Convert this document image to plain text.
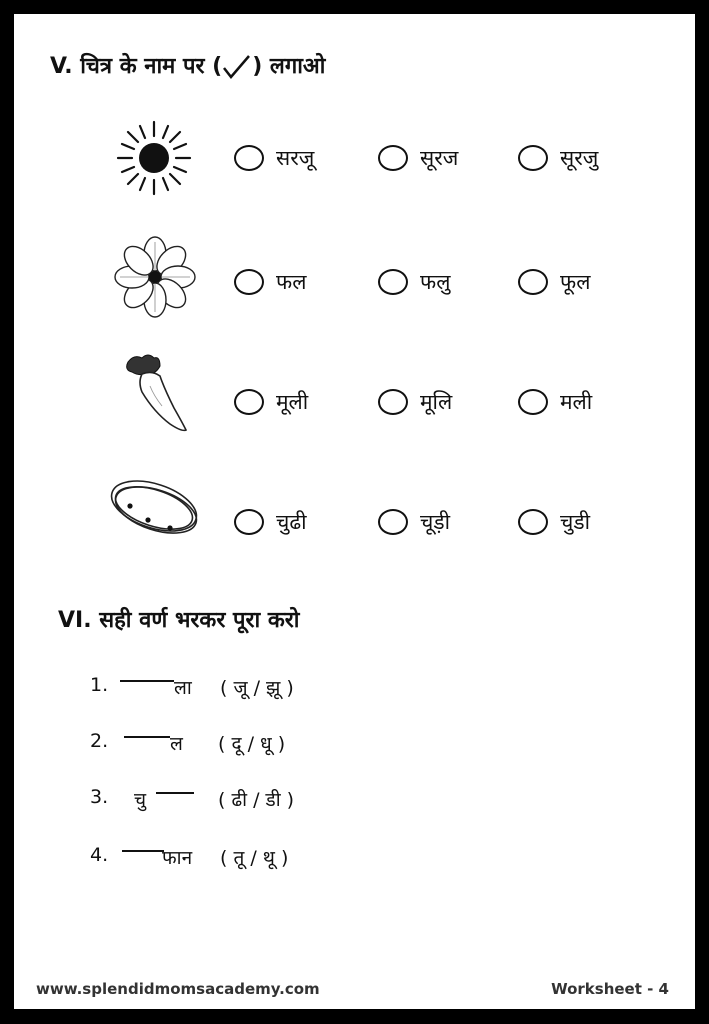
V. चित्र के नाम पर ( ) लगाओ
सरजू	सूरज	सूरजु
फल	फलु	फूल
मूली	मूलि	मली
चुढी	चूड़ी	चुडी
VI. सही वर्ण भरकर पूरा करो
1.	ला ( जू / झू )
2.	ल ( दू / धू )
3. चु	( ढी / डी )
4.	फान ( तू / थू )
www.splendidmomsacademy.com	Worksheet - 4
